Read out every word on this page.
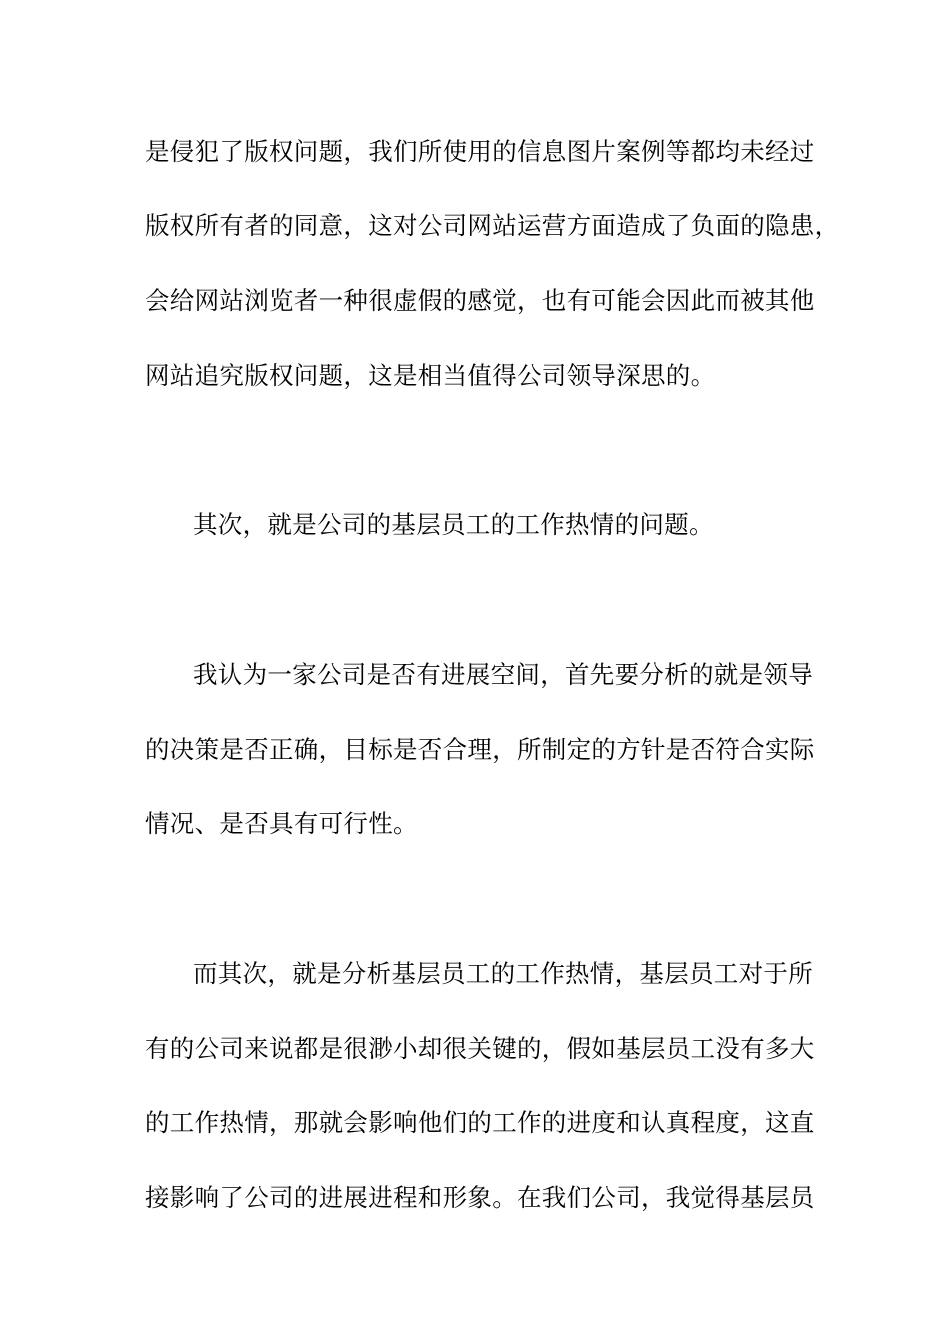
是侵犯了版权问题，我们所使用的信息图片案例等都均未经过
版权所有者的同意，这对公司网站运营方面造成了负面的隐患，
会给网站浏览者一种很虚假的感觉，也有可能会因此而被其他
网站追究版权问题，这是相当值得公司领导深思的。
其次，就是公司的基层员工的工作热情的问题。
我认为一家公司是否有进展空间，首先要分析的就是领导
的决策是否正确，目标是否合理，所制定的方针是否符合实际
情况、是否具有可行性。
而其次，就是分析基层员工的工作热情，基层员工对于所
有的公司来说都是很渺小却很关键的，假如基层员工没有多大
的工作热情，那就会影响他们的工作的进度和认真程度，这直
接影响了公司的进展进程和形象。在我们公司，我觉得基层员
